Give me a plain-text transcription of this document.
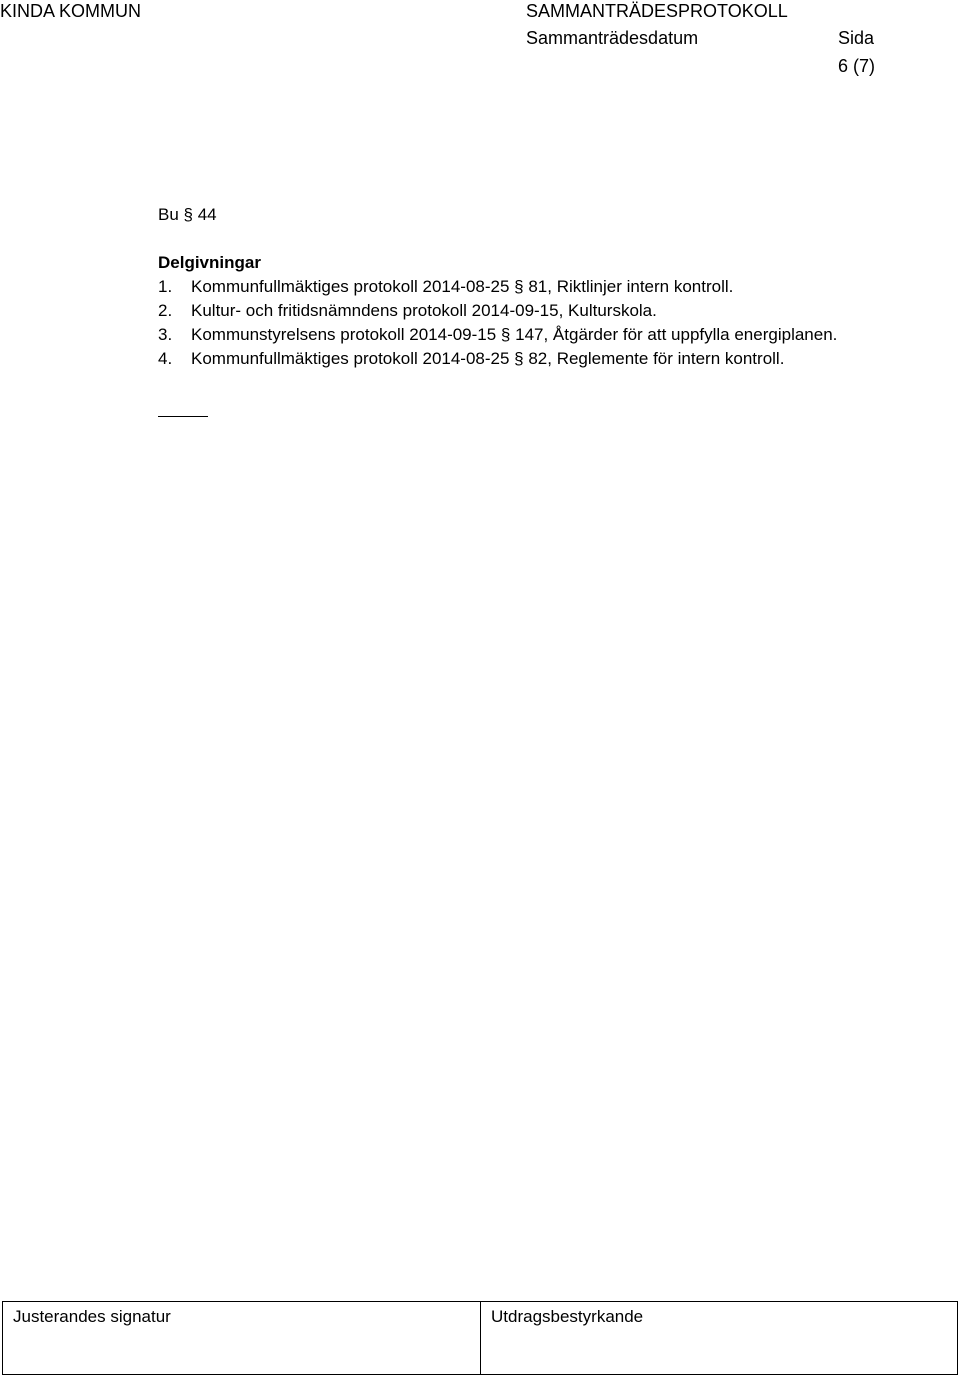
KINDA KOMMUN	SAMMANTRÄDESPROTOKOLL
Sammanträdesdatum	Sida
6 (7)

Bu § 44

Delgivningar

1. Kommunfullmäktiges protokoll 2014-08-25 § 81, Riktlinjer intern kontroll.
2. Kultur- och fritidsnämndens protokoll 2014-09-15, Kulturskola.
3. Kommunstyrelsens protokoll 2014-09-15 § 147, Åtgärder för att uppfylla energiplanen.
4. Kommunfullmäktiges protokoll 2014-08-25 § 82, Reglemente för intern kontroll.
Justerandes signatur	Utdragsbestyrkande
